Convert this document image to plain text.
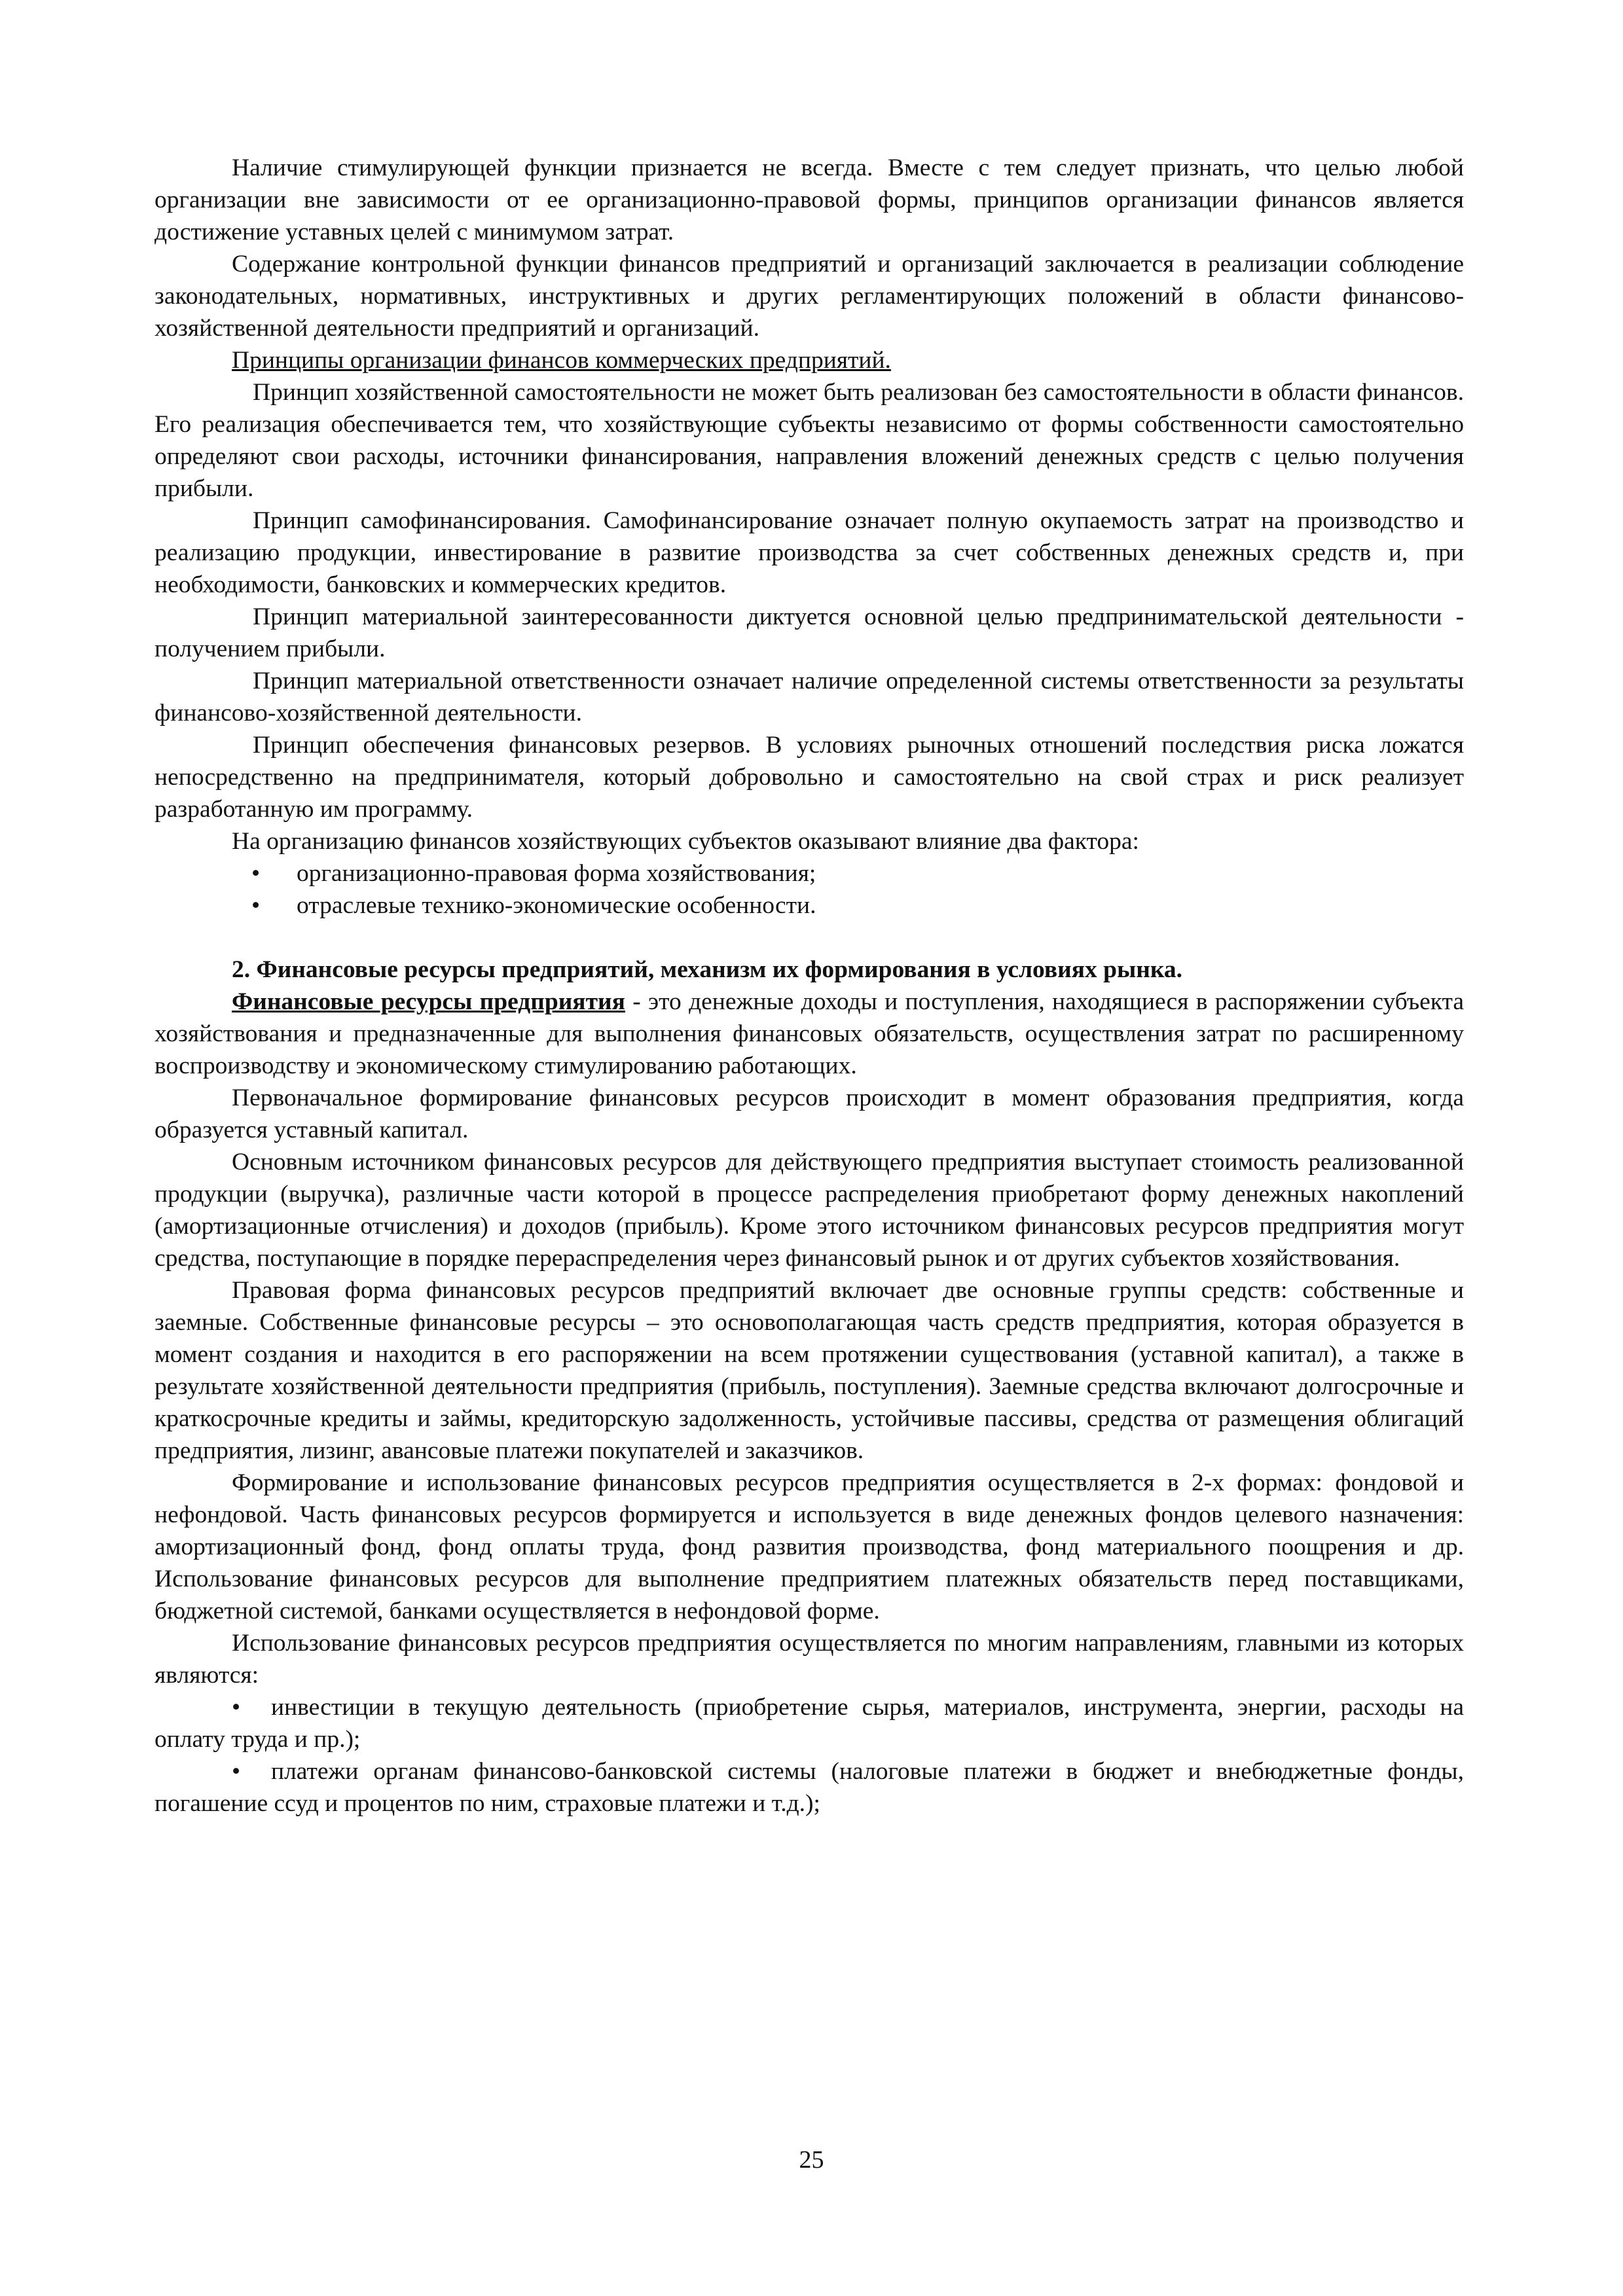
Наличие стимулирующей функции признается не всегда. Вместе с тем следует признать, что целью любой организации вне зависимости от ее организационно-правовой формы, принципов организации финансов является достижение уставных целей с минимумом затрат.

Содержание контрольной функции финансов предприятий и организаций заключается в реализации соблюдение законодательных, нормативных, инструктивных и других регламентирующих положений в области финансово-хозяйственной деятельности предприятий и организаций.

Принципы организации финансов коммерческих предприятий.

Принцип хозяйственной самостоятельности не может быть реализован без самостоятельности в области финансов. Его реализация обеспечивается тем, что хозяйствующие субъекты независимо от формы собственности самостоятельно определяют свои расходы, источники финансирования, направления вложений денежных средств с целью получения прибыли.

Принцип самофинансирования. Самофинансирование означает полную окупаемость затрат на производство и реализацию продукции, инвестирование в развитие производства за счет собственных денежных средств и, при необходимости, банковских и коммерческих кредитов.

Принцип материальной заинтересованности диктуется основной целью предпринимательской деятельности - получением прибыли.

Принцип материальной ответственности означает наличие определенной системы ответственности за результаты финансово-хозяйственной деятельности.

Принцип обеспечения финансовых резервов. В условиях рыночных отношений последствия риска ложатся непосредственно на предпринимателя, который добровольно и самостоятельно на свой страх и риск реализует разработанную им программу.

На организацию финансов хозяйствующих субъектов оказывают влияние два фактора:

• организационно-правовая форма хозяйствования;
• отраслевые технико-экономические особенности.

2. Финансовые ресурсы предприятий, механизм их формирования в условиях рынка.

Финансовые ресурсы предприятия - это денежные доходы и поступления, находящиеся в распоряжении субъекта хозяйствования и предназначенные для выполнения финансовых обязательств, осуществления затрат по расширенному воспроизводству и экономическому стимулированию работающих.

Первоначальное формирование финансовых ресурсов происходит в момент образования предприятия, когда образуется уставный капитал.

Основным источником финансовых ресурсов для действующего предприятия выступает стоимость реализованной продукции (выручка), различные части которой в процессе распределения приобретают форму денежных накоплений (амортизационные отчисления) и доходов (прибыль). Кроме этого источником финансовых ресурсов предприятия могут средства, поступающие в порядке перераспределения через финансовый рынок и от других субъектов хозяйствования.

Правовая форма финансовых ресурсов предприятий включает две основные группы средств: собственные и заемные. Собственные финансовые ресурсы – это основополагающая часть средств предприятия, которая образуется в момент создания и находится в его распоряжении на всем протяжении существования (уставной капитал), а также в результате хозяйственной деятельности предприятия (прибыль, поступления). Заемные средства включают долгосрочные и краткосрочные кредиты и займы, кредиторскую задолженность, устойчивые пассивы, средства от размещения облигаций предприятия, лизинг, авансовые платежи покупателей и заказчиков.

Формирование и использование финансовых ресурсов предприятия осуществляется в 2-х формах: фондовой и нефондовой. Часть финансовых ресурсов формируется и используется в виде денежных фондов целевого назначения: амортизационный фонд, фонд оплаты труда, фонд развития производства, фонд материального поощрения и др. Использование финансовых ресурсов для выполнение предприятием платежных обязательств перед поставщиками, бюджетной системой, банками осуществляется в нефондовой форме.

Использование финансовых ресурсов предприятия осуществляется по многим направлениям, главными из которых являются:

• инвестиции в текущую деятельность (приобретение сырья, материалов, инструмента, энергии, расходы на оплату труда и пр.);
• платежи органам финансово-банковской системы (налоговые платежи в бюджет и внебюджетные фонды, погашение ссуд и процентов по ним, страховые платежи и т.д.);
25
